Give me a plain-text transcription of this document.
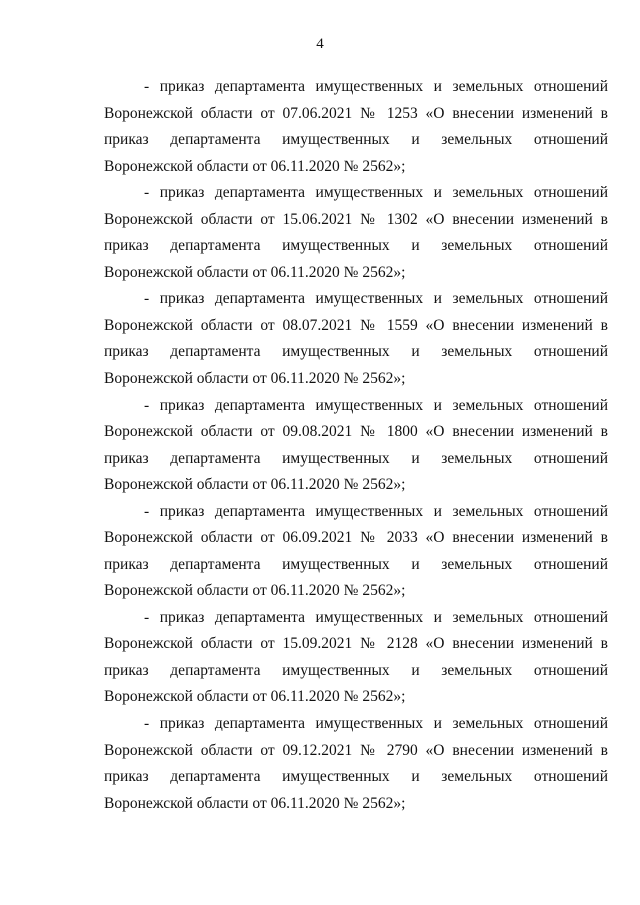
4

- приказ департамента имущественных и земельных отношений Воронежской области от 07.06.2021 № 1253 «О внесении изменений в приказ департамента имущественных и земельных отношений Воронежской области от 06.11.2020 № 2562»;

- приказ департамента имущественных и земельных отношений Воронежской области от 15.06.2021 № 1302 «О внесении изменений в приказ департамента имущественных и земельных отношений Воронежской области от 06.11.2020 № 2562»;

- приказ департамента имущественных и земельных отношений Воронежской области от 08.07.2021 № 1559 «О внесении изменений в приказ департамента имущественных и земельных отношений Воронежской области от 06.11.2020 № 2562»;

- приказ департамента имущественных и земельных отношений Воронежской области от 09.08.2021 № 1800 «О внесении изменений в приказ департамента имущественных и земельных отношений Воронежской области от 06.11.2020 № 2562»;

- приказ департамента имущественных и земельных отношений Воронежской области от 06.09.2021 № 2033 «О внесении изменений в приказ департамента имущественных и земельных отношений Воронежской области от 06.11.2020 № 2562»;

- приказ департамента имущественных и земельных отношений Воронежской области от 15.09.2021 № 2128 «О внесении изменений в приказ департамента имущественных и земельных отношений Воронежской области от 06.11.2020 № 2562»;

- приказ департамента имущественных и земельных отношений Воронежской области от 09.12.2021 № 2790 «О внесении изменений в приказ департамента имущественных и земельных отношений Воронежской области от 06.11.2020 № 2562»;
